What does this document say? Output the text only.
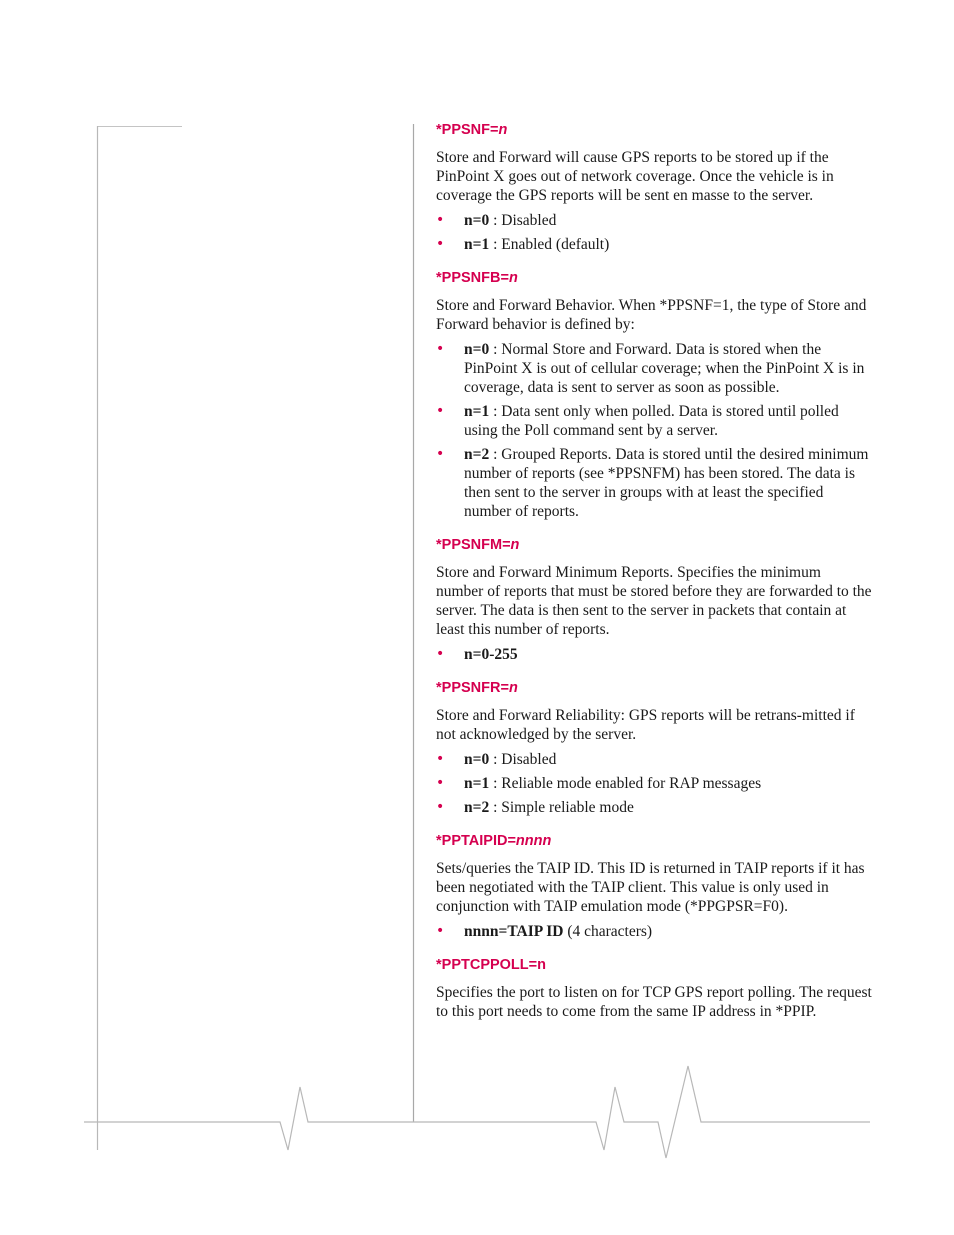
*PPSNF=n

Store and Forward will cause GPS reports to be stored up if the PinPoint X goes out of network coverage. Once the vehicle is in coverage the GPS reports will be sent en masse to the server.

• n=0 : Disabled
• n=1 : Enabled (default)
*PPSNFB=n

Store and Forward Behavior. When *PPSNF=1, the type of Store and Forward behavior is defined by:

• n=0 : Normal Store and Forward. Data is stored when the PinPoint X is out of cellular coverage; when the PinPoint X is in coverage, data is sent to server as soon as possible.
• n=1 : Data sent only when polled. Data is stored until polled using the Poll command sent by a server.
• n=2 : Grouped Reports. Data is stored until the desired minimum number of reports (see *PPSNFM) has been stored. The data is then sent to the server in groups with at least the specified number of reports.
*PPSNFM=n

Store and Forward Minimum Reports. Specifies the minimum number of reports that must be stored before they are forwarded to the server. The data is then sent to the server in packets that contain at least this number of reports.

• n=0-255
*PPSNFR=n

Store and Forward Reliability: GPS reports will be retrans-mitted if not acknowledged by the server.

• n=0 : Disabled
• n=1 : Reliable mode enabled for RAP messages
• n=2 : Simple reliable mode
*PPTAIPID=nnnn

Sets/queries the TAIP ID. This ID is returned in TAIP reports if it has been negotiated with the TAIP client. This value is only used in conjunction with TAIP emulation mode (*PPGPSR=F0).

• nnnn=TAIP ID (4 characters)
*PPTCPPOLL=n

Specifies the port to listen on for TCP GPS report polling. The request to this port needs to come from the same IP address in *PPIP.
